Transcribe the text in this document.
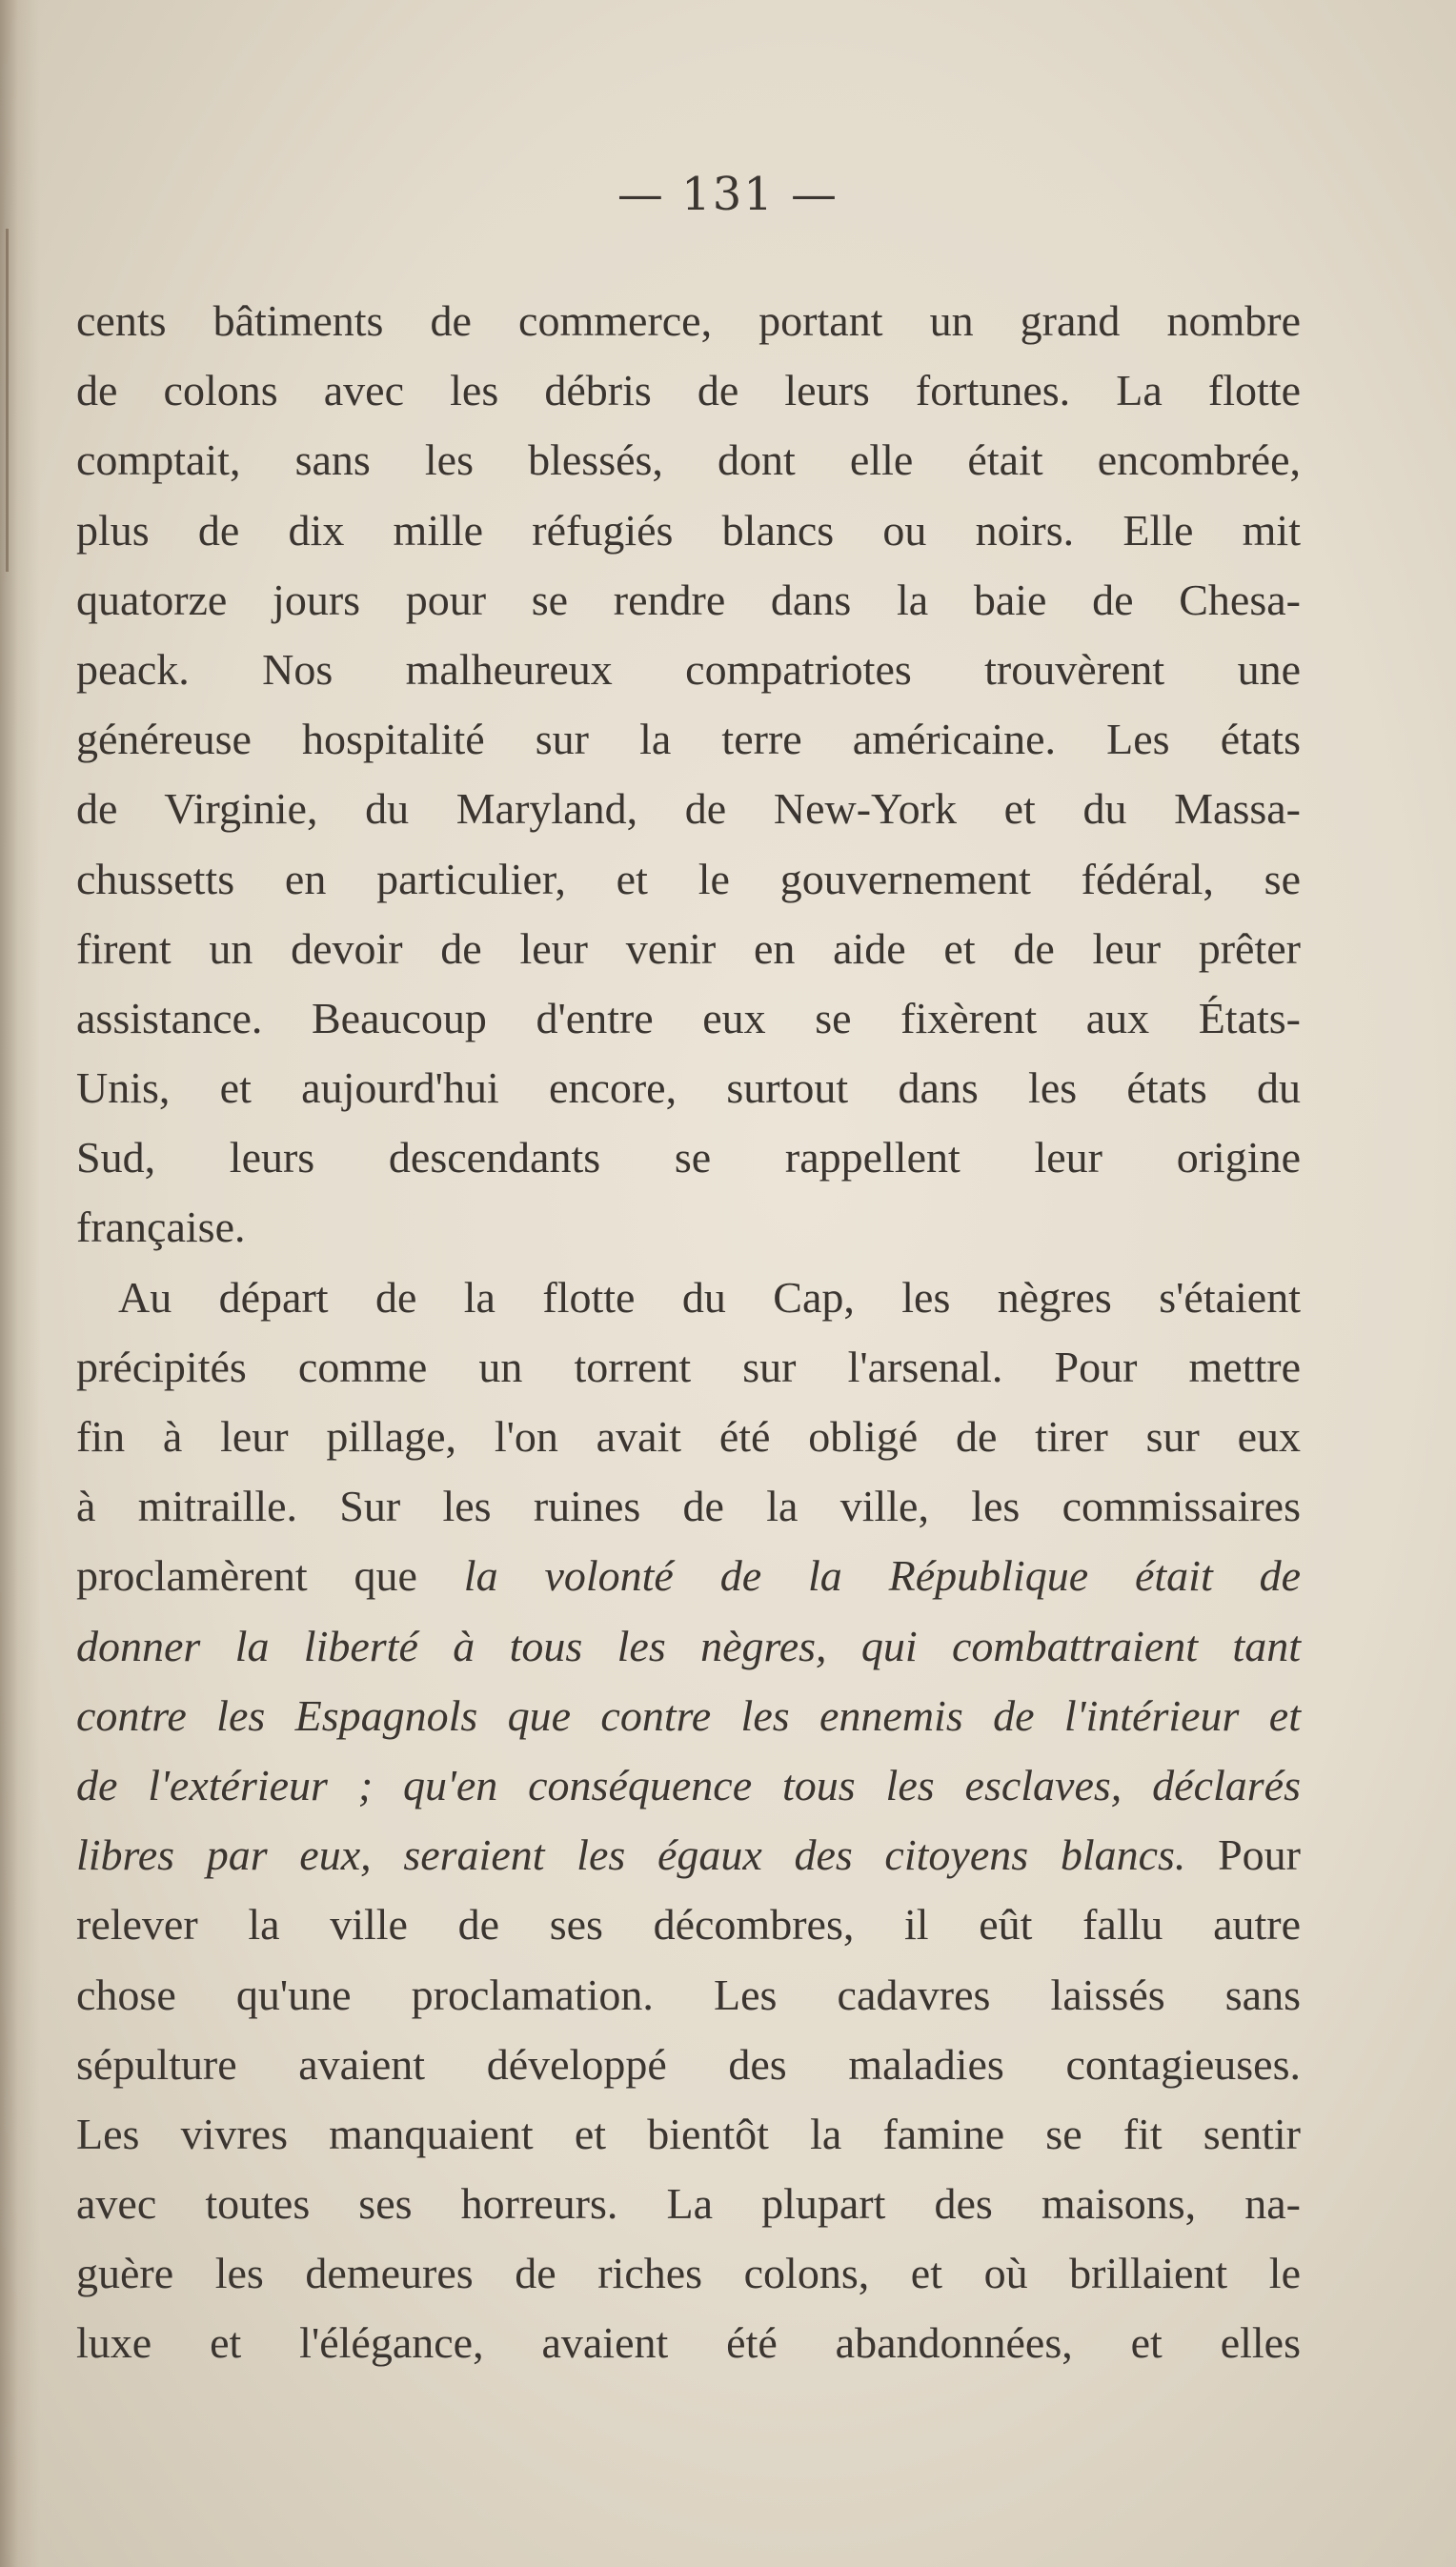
— 131 —
cents bâtiments de commerce, portant un grand nombre
de colons avec les débris de leurs fortunes. La flotte
comptait, sans les blessés, dont elle était encombrée,
plus de dix mille réfugiés blancs ou noirs. Elle mit
quatorze jours pour se rendre dans la baie de Chesa-
peack. Nos malheureux compatriotes trouvèrent une
généreuse hospitalité sur la terre américaine. Les états
de Virginie, du Maryland, de New-York et du Massa-
chussetts en particulier, et le gouvernement fédéral, se
firent un devoir de leur venir en aide et de leur prêter
assistance. Beaucoup d'entre eux se fixèrent aux États-
Unis, et aujourd'hui encore, surtout dans les états du
Sud, leurs descendants se rappellent leur origine
française.
Au départ de la flotte du Cap, les nègres s'étaient
précipités comme un torrent sur l'arsenal. Pour mettre
fin à leur pillage, l'on avait été obligé de tirer sur eux
à mitraille. Sur les ruines de la ville, les commissaires
proclamèrent que la volonté de la République était de
donner la liberté à tous les nègres, qui combattraient tant
contre les Espagnols que contre les ennemis de l'intérieur et
de l'extérieur ; qu'en conséquence tous les esclaves, déclarés
libres par eux, seraient les égaux des citoyens blancs. Pour
relever la ville de ses décombres, il eût fallu autre
chose qu'une proclamation. Les cadavres laissés sans
sépulture avaient développé des maladies contagieuses.
Les vivres manquaient et bientôt la famine se fit sentir
avec toutes ses horreurs. La plupart des maisons, na-
guère les demeures de riches colons, et où brillaient le
luxe et l'élégance, avaient été abandonnées, et elles
